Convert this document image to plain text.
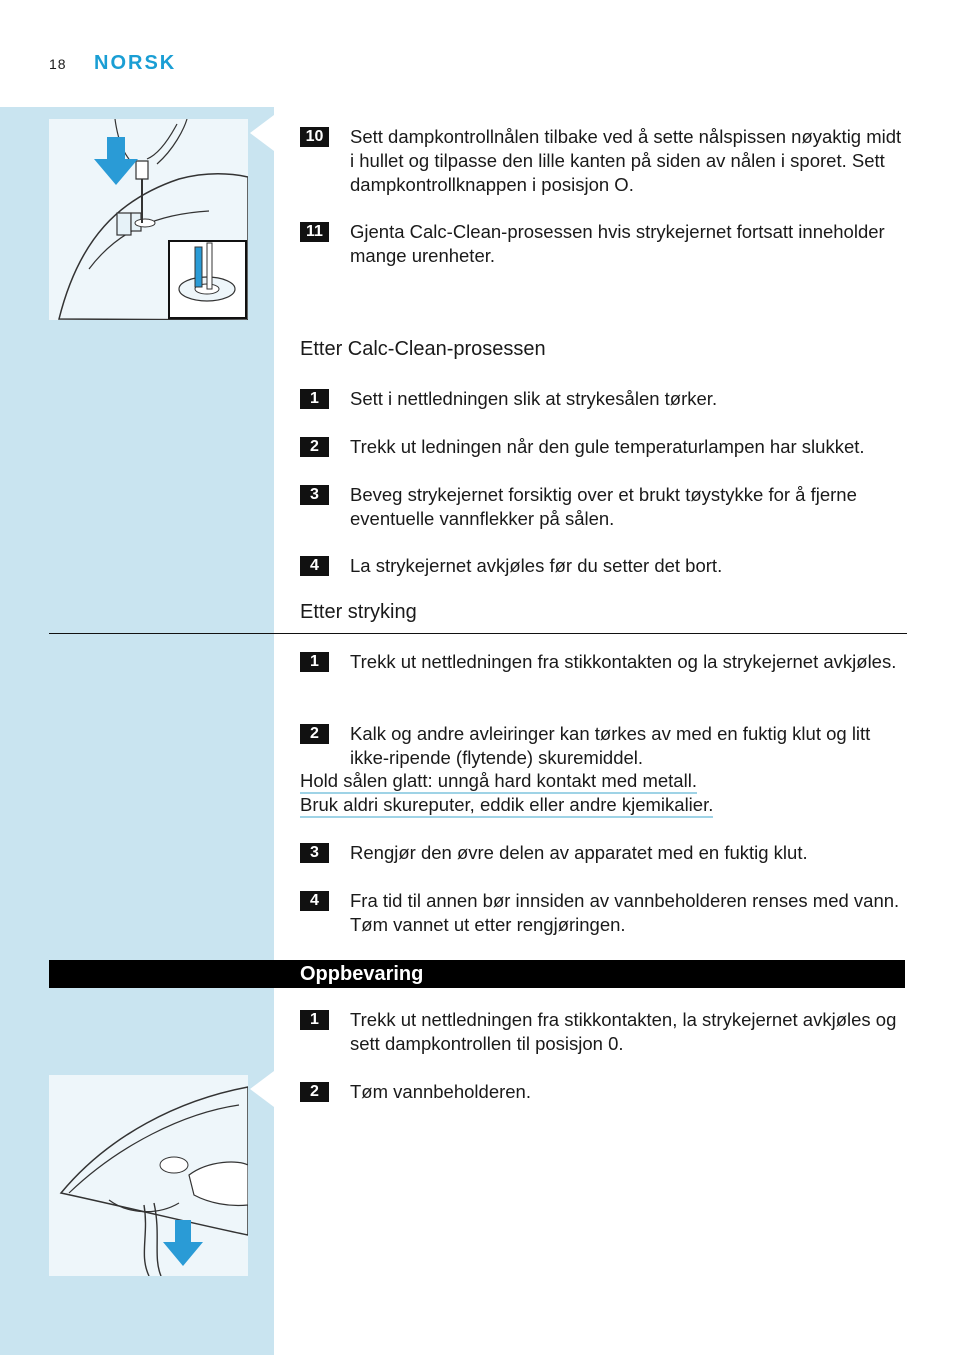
18 NORSK
10	Sett dampkontrollnålen tilbake ved å sette nålspissen nøyaktig midt i hullet og tilpasse den lille kanten på siden av nålen i sporet. Sett dampkontrollknappen i posisjon O.
11	Gjenta Calc-Clean-prosessen hvis strykejernet fortsatt inneholder mange urenheter.
Etter Calc-Clean-prosessen
1	Sett i nettledningen slik at strykesålen tørker.
2	Trekk ut ledningen når den gule temperaturlampen har slukket.
3	Beveg strykejernet forsiktig over et brukt tøystykke for å fjerne eventuelle vannflekker på sålen.
4	La strykejernet avkjøles før du setter det bort.
Etter stryking
1	Trekk ut nettledningen fra stikkontakten og la strykejernet avkjøles.
2	Kalk og andre avleiringer kan tørkes av med en fuktig klut og litt ikke-ripende (flytende) skuremiddel.
Hold sålen glatt: unngå hard kontakt med metall.
Bruk aldri skureputer, eddik eller andre kjemikalier.
3	Rengjør den øvre delen av apparatet med en fuktig klut.
4	Fra tid til annen bør innsiden av vannbeholderen renses med vann. Tøm vannet ut etter rengjøringen.
Oppbevaring
1	Trekk ut nettledningen fra stikkontakten, la strykejernet avkjøles og sett dampkontrollen til posisjon 0.
2	Tøm vannbeholderen.
